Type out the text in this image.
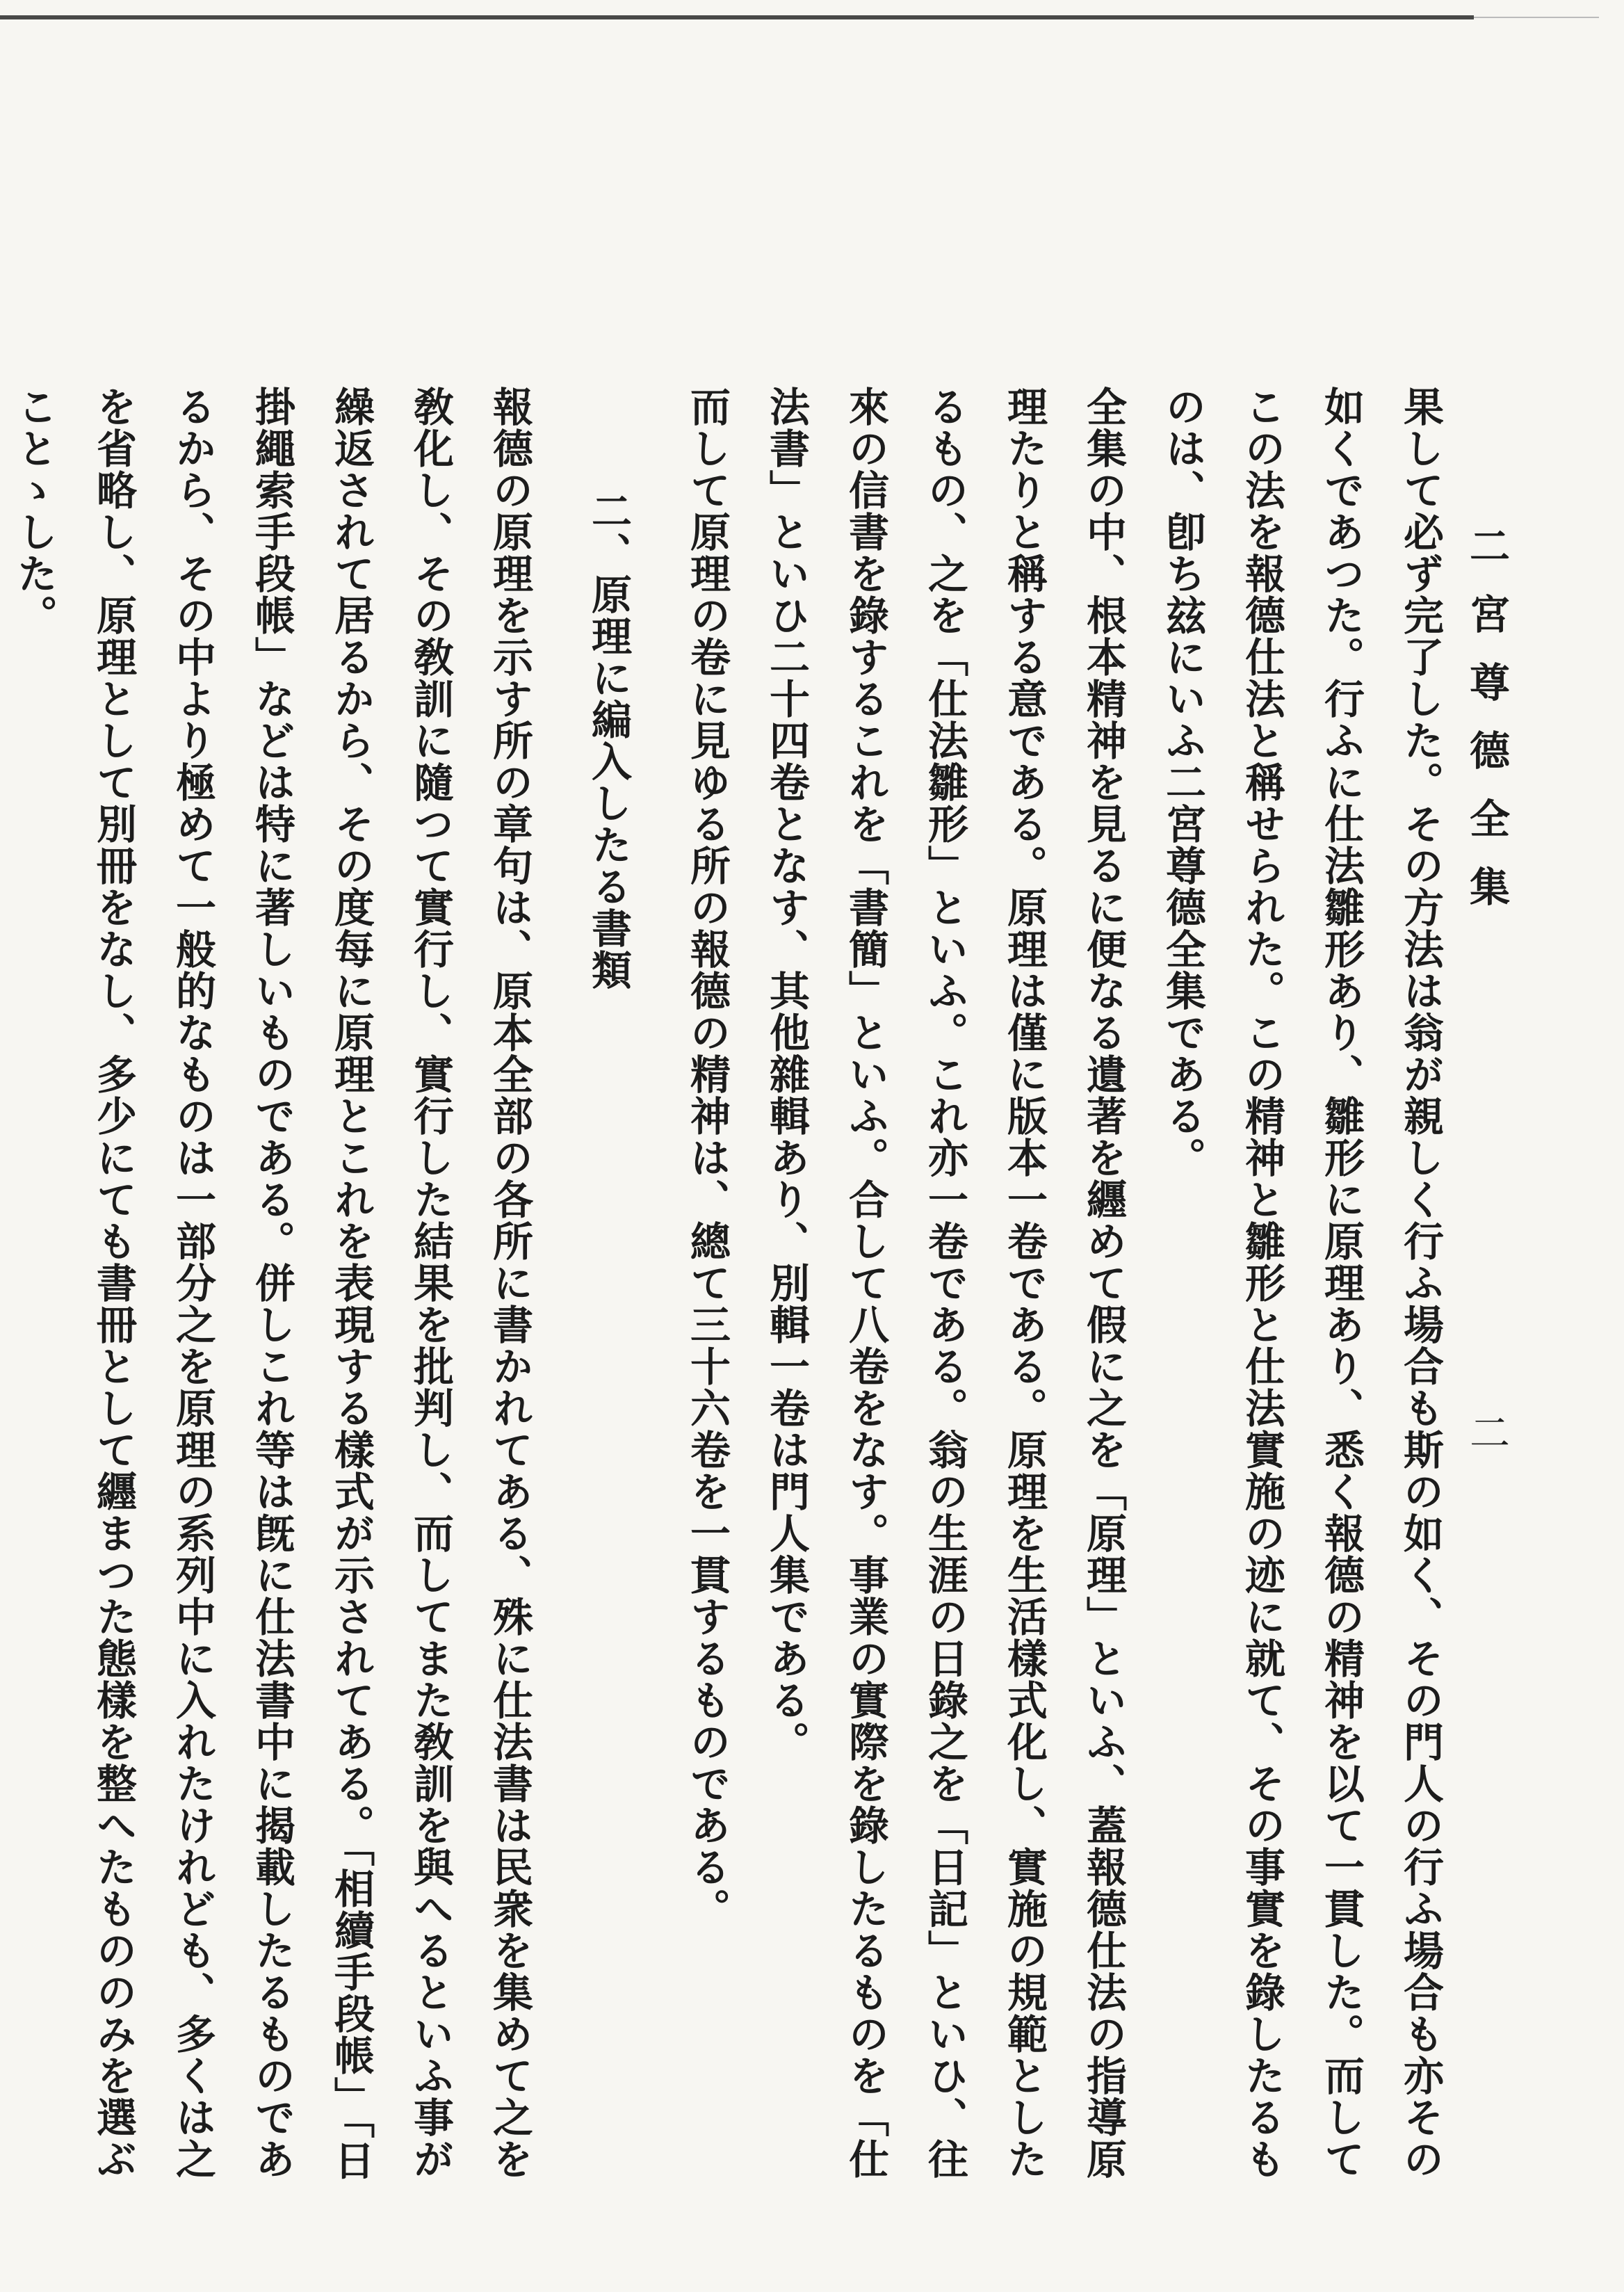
二宮尊德全集
二

果して必ず完了した。その方法は翁が親しく行ふ場合も斯の如く、その門人の行ふ場合も亦その如くであつた。行ふに仕法雛形あり、雛形に原理あり、悉く報德の精神を以て一貫した。而してこの法を報德仕法と稱せられた。この精神と雛形と仕法實施の迹に就て、その事實を錄したるものは、卽ち玆にいふ二宮尊德全集である。

全集の中、根本精神を見るに便なる遺著を纒めて假に之を「原理」といふ、蓋報德仕法の指導原理たりと稱する意である。原理は僅に版本一卷である。原理を生活樣式化し、實施の規範としたるもの、之を「仕法雛形」といふ。これ亦一卷である。翁の生涯の日錄之を「日記」といひ、往來の信書を錄するこれを「書簡」といふ。合して八卷をなす。事業の實際を錄したるものを「仕法書」といひ二十四卷となす、其他雜輯あり、別輯一卷は門人集である。

而して原理の卷に見ゆる所の報德の精神は、總て三十六卷を一貫するものである。

二、原理に編入したる書類

報德の原理を示す所の章句は、原本全部の各所に書かれてある、殊に仕法書は民衆を集めて之を敎化し、その敎訓に隨つて實行し、實行した結果を批判し、而してまた敎訓を與へるといふ事が繰返されて居るから、その度每に原理とこれを表現する樣式が示されてある。「相續手段帳」「日掛繩索手段帳」などは特に著しいものである。併しこれ等は旣に仕法書中に揭載したるものであるから、その中より極めて一般的なものは一部分之を原理の系列中に入れたけれども、多くは之を省略し、原理として別冊をなし、多少にても書冊として纒まつた態樣を整へたもののみを選ぶことゝした。
